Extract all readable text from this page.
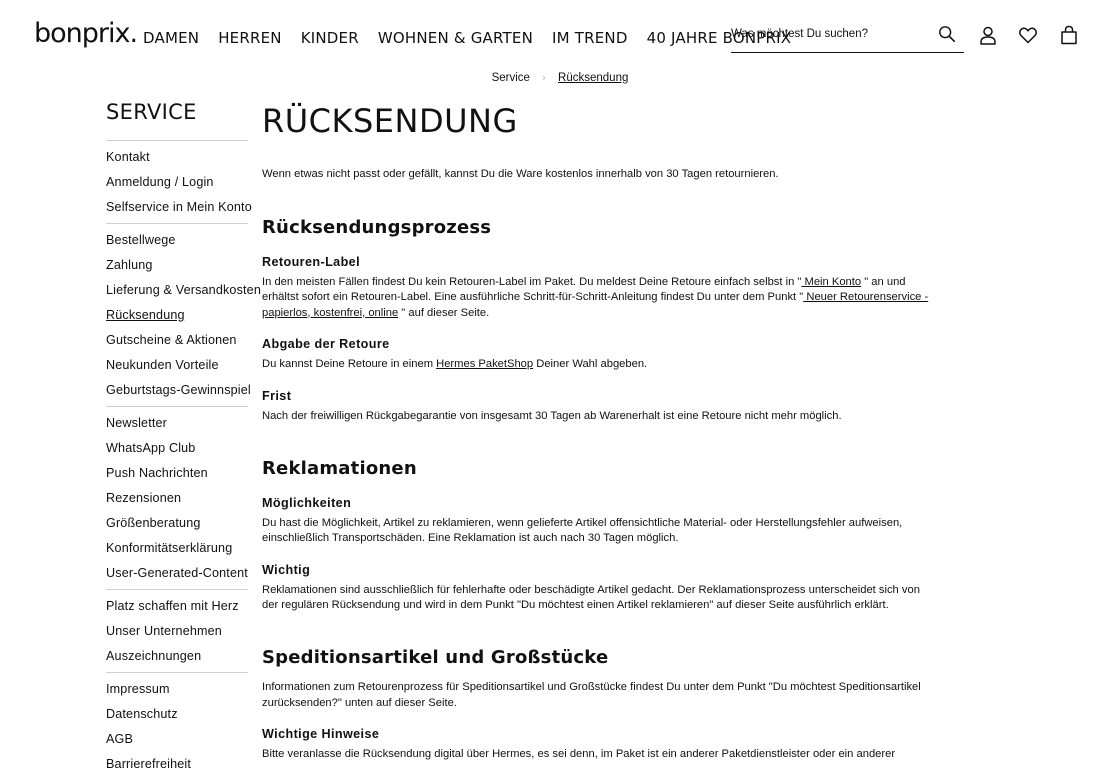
bonprix. DAMEN HERREN KINDER WOHNEN & GARTEN IM TREND 40 JAHRE BONPRIX
Was möchtest Du suchen?
Service › Rücksendung
SERVICE
Kontakt
Anmeldung / Login
Selfservice in Mein Konto
Bestellwege
Zahlung
Lieferung & Versandkosten
Rücksendung
Gutscheine & Aktionen
Neukunden Vorteile
Geburtstags-Gewinnspiel
Newsletter
WhatsApp Club
Push Nachrichten
Rezensionen
Größenberatung
Konformitätserklärung
User-Generated-Content
Platz schaffen mit Herz
Unser Unternehmen
Auszeichnungen
Impressum
Datenschutz
AGB
Barrierefreiheit
RÜCKSENDUNG

Wenn etwas nicht passt oder gefällt, kannst Du die Ware kostenlos innerhalb von 30 Tagen retournieren.

Rücksendungsprozess
Retouren-Label

In den meisten Fällen findest Du kein Retouren-Label im Paket. Du meldest Deine Retoure einfach selbst in " Mein Konto " an und erhältst sofort ein Retouren-Label. Eine ausführliche Schritt-für-Schritt-Anleitung findest Du unter dem Punkt " Neuer Retourenservice -papierlos, kostenfrei, online " auf dieser Seite.

Abgabe der Retoure

Du kannst Deine Retoure in einem Hermes PaketShop Deiner Wahl abgeben.

Frist

Nach der freiwilligen Rückgabegarantie von insgesamt 30 Tagen ab Warenerhalt ist eine Retoure nicht mehr möglich.

Reklamationen
Möglichkeiten

Du hast die Möglichkeit, Artikel zu reklamieren, wenn gelieferte Artikel offensichtliche Material- oder Herstellungsfehler aufweisen, einschließlich Transportschäden. Eine Reklamation ist auch nach 30 Tagen möglich.

Wichtig

Reklamationen sind ausschließlich für fehlerhafte oder beschädigte Artikel gedacht. Der Reklamationsprozess unterscheidet sich von der regulären Rücksendung und wird in dem Punkt "Du möchtest einen Artikel reklamieren" auf dieser Seite ausführlich erklärt.

Speditionsartikel und Großstücke

Informationen zum Retourenprozess für Speditionsartikel und Großstücke findest Du unter dem Punkt "Du möchtest Speditionsartikel zurücksenden?" unten auf dieser Seite.

Wichtige Hinweise

Bitte veranlasse die Rücksendung digital über Hermes, es sei denn, im Paket ist ein anderer Paketdienstleister oder ein anderer
